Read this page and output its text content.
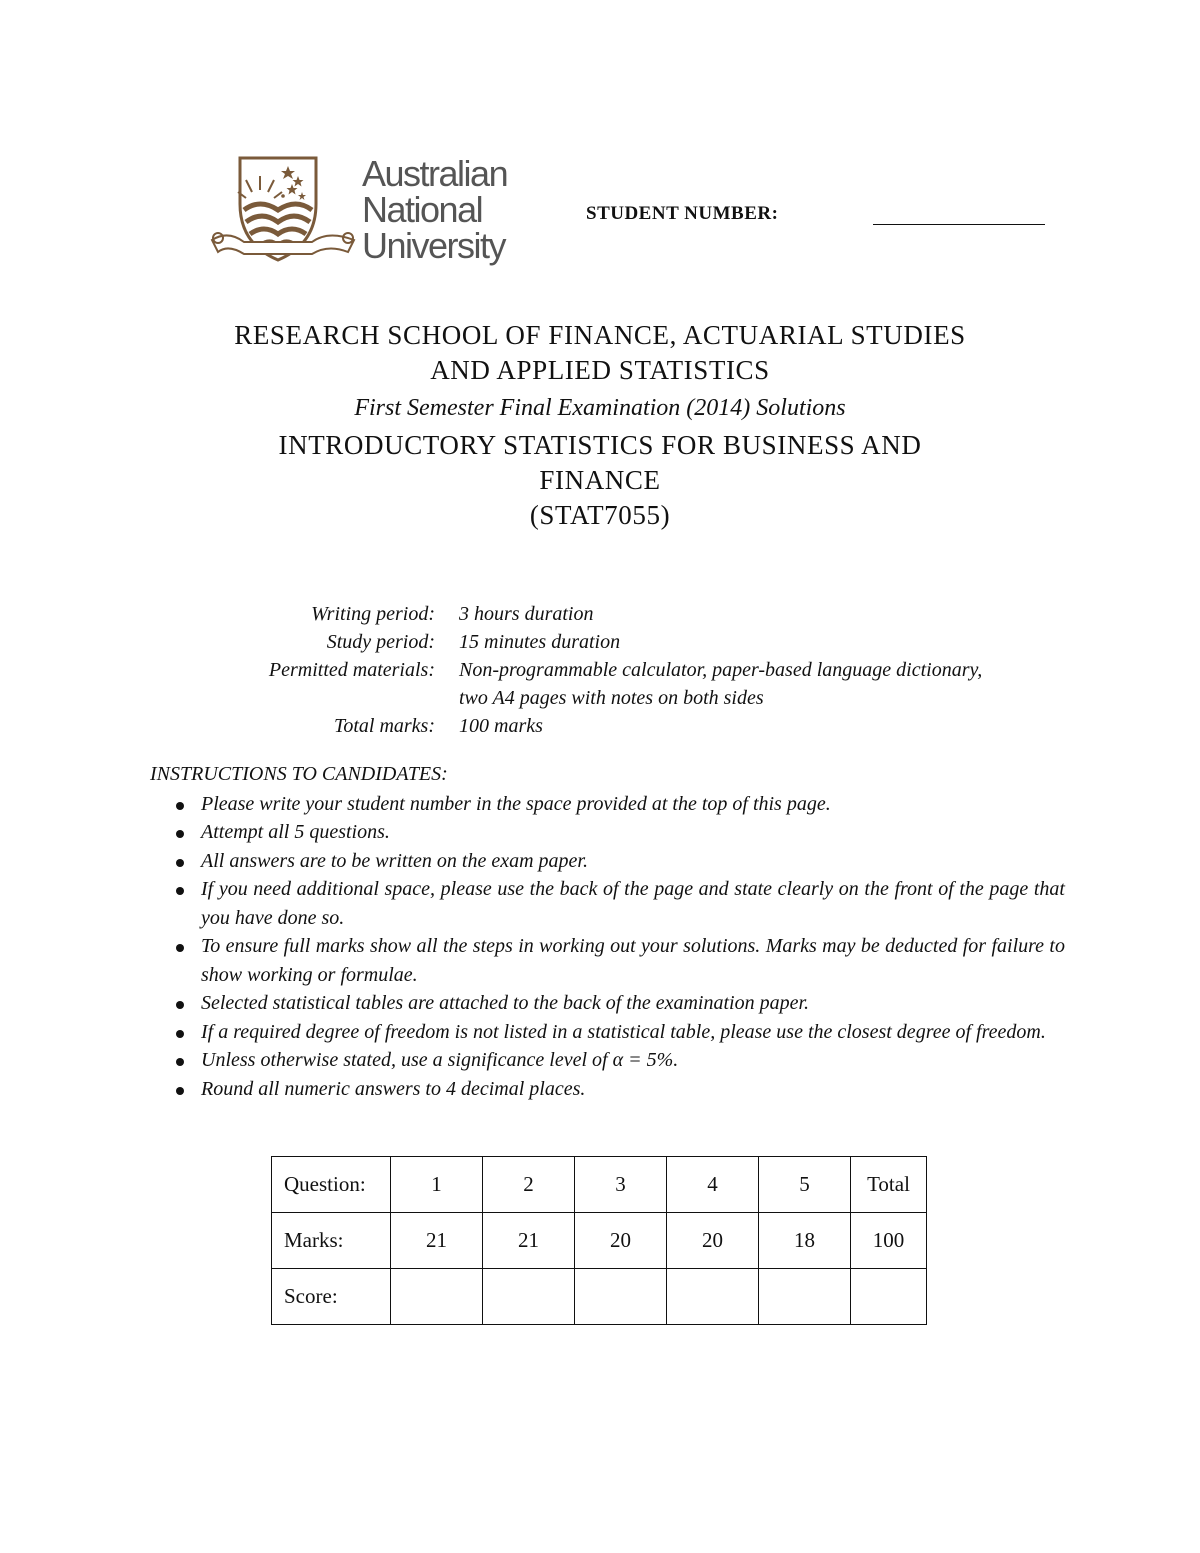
Australian
National
University
STUDENT NUMBER:
RESEARCH SCHOOL OF FINANCE, ACTUARIAL STUDIES
AND APPLIED STATISTICS
First Semester Final Examination (2014) Solutions
INTRODUCTORY STATISTICS FOR BUSINESS AND
FINANCE
(STAT7055)
Writing period: 3 hours duration
Study period: 15 minutes duration
Permitted materials: Non-programmable calculator, paper-based language dictionary, two A4 pages with notes on both sides
Total marks: 100 marks
INSTRUCTIONS TO CANDIDATES:
Please write your student number in the space provided at the top of this page.
Attempt all 5 questions.
All answers are to be written on the exam paper.
If you need additional space, please use the back of the page and state clearly on the front of the page that you have done so.
To ensure full marks show all the steps in working out your solutions. Marks may be deducted for failure to show working or formulae.
Selected statistical tables are attached to the back of the examination paper.
If a required degree of freedom is not listed in a statistical table, please use the closest degree of freedom.
Unless otherwise stated, use a significance level of α = 5%.
Round all numeric answers to 4 decimal places.
Question:	1	2	3	4	5	Total
Marks:	21	21	20	20	18	100
Score:						
